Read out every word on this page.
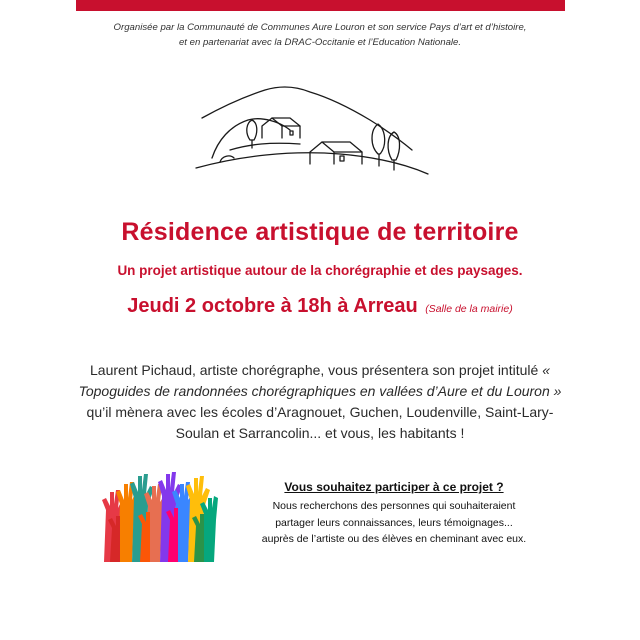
Organisée par la Communauté de Communes Aure Louron et son service Pays d’art et d’histoire,
et en partenariat avec la DRAC-Occitanie et l’Education Nationale.
Résidence artistique de territoire
Un projet artistique autour de la chorégraphie et des paysages.
Jeudi 2 octobre à 18h à Arreau (Salle de la mairie)
Laurent Pichaud, artiste chorégraphe, vous présentera son projet intitulé « Topoguides de randonnées chorégraphiques en vallées d’Aure et du Louron » qu’il mènera avec les écoles d’Aragnouet, Guchen, Loudenville, Saint-Lary-Soulan et Sarrancolin... et vous, les habitants !
Vous souhaitez participer à ce projet ?
Nous recherchons des personnes qui souhaiteraient
partager leurs connaissances, leurs témoignages...
auprès de l’artiste ou des élèves en cheminant avec eux.
